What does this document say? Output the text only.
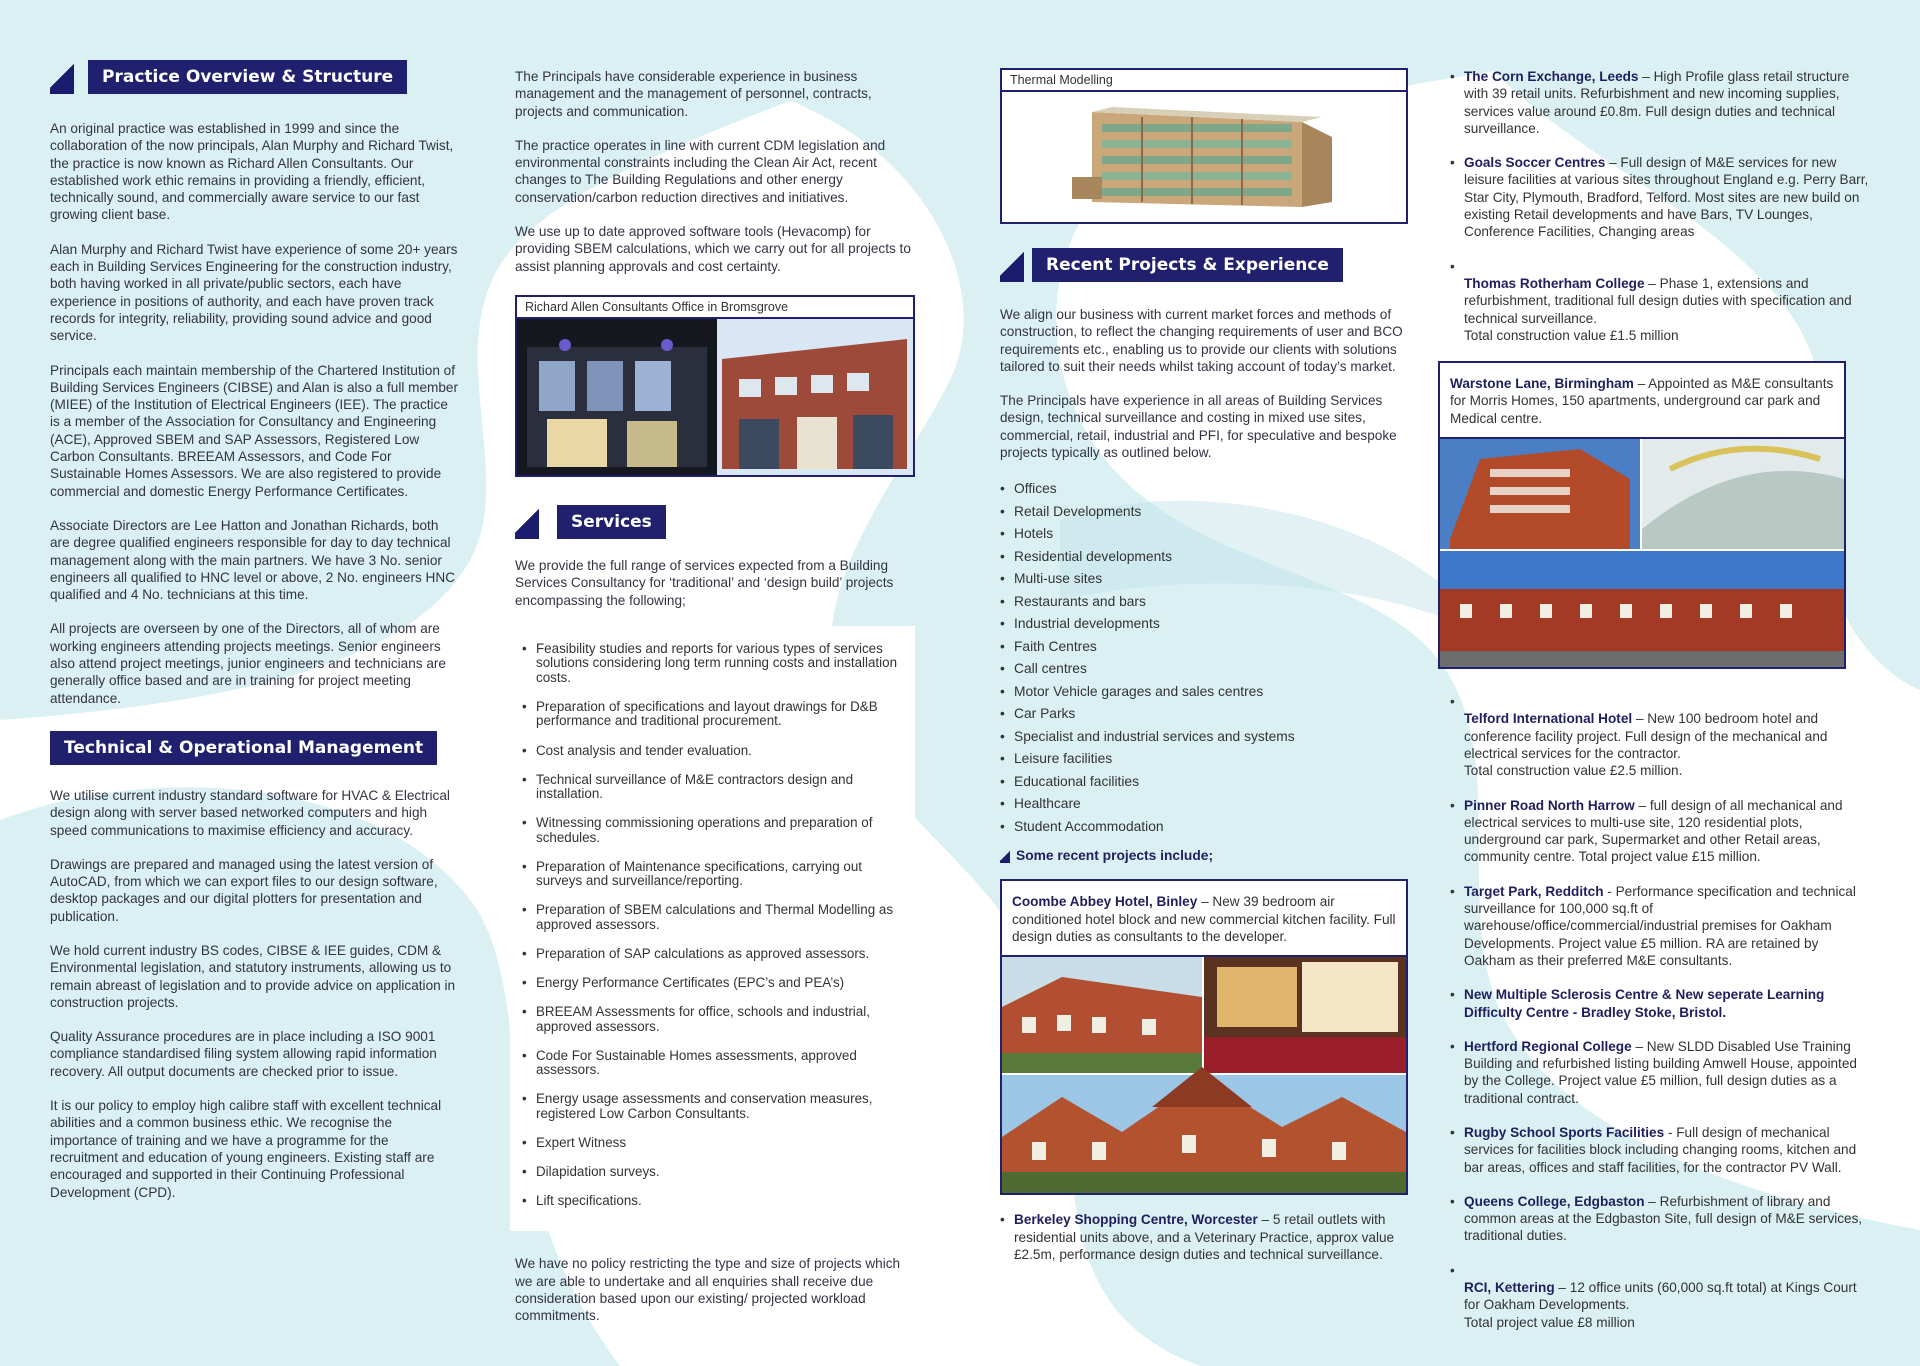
Practice Overview & Structure

An original practice was established in 1999 and since the collaboration of the now principals, Alan Murphy and Richard Twist, the practice is now known as Richard Allen Consultants. Our established work ethic remains in providing a friendly, efficient, technically sound, and commercially aware service to our fast growing client base.

Alan Murphy and Richard Twist have experience of some 20+ years each in Building Services Engineering for the construction industry, both having worked in all private/public sectors, each have experience in positions of authority, and each have proven track records for integrity, reliability, providing sound advice and good service.

Principals each maintain membership of the Chartered Institution of Building Services Engineers (CIBSE) and Alan is also a full member (MIEE) of the Institution of Electrical Engineers (IEE). The practice is a member of the Association for Consultancy and Engineering (ACE), Approved SBEM and SAP Assessors, Registered Low Carbon Consultants. BREEAM Assessors, and Code For Sustainable Homes Assessors. We are also registered to provide commercial and domestic Energy Performance Certificates.

Associate Directors are Lee Hatton and Jonathan Richards, both are degree qualified engineers responsible for day to day technical management along with the main partners. We have 3 No. senior engineers all qualified to HNC level or above, 2 No. engineers HNC qualified and 4 No. technicians at this time.

All projects are overseen by one of the Directors, all of whom are working engineers attending projects meetings. Senior engineers also attend project meetings, junior engineers and technicians are generally office based and are in training for project meeting attendance.

Technical & Operational Management

We utilise current industry standard software for HVAC & Electrical design along with server based networked computers and high speed communications to maximise efficiency and accuracy.

Drawings are prepared and managed using the latest version of AutoCAD, from which we can export files to our design software, desktop packages and our digital plotters for presentation and publication.

We hold current industry BS codes, CIBSE & IEE guides, CDM & Environmental legislation, and statutory instruments, allowing us to remain abreast of legislation and to provide advice on application in construction projects.

Quality Assurance procedures are in place including a ISO 9001 compliance standardised filing system allowing rapid information recovery. All output documents are checked prior to issue.

It is our policy to employ high calibre staff with excellent technical abilities and a common business ethic. We recognise the importance of training and we have a programme for the recruitment and education of young engineers. Existing staff are encouraged and supported in their Continuing Professional Development (CPD).

The Principals have considerable experience in business management and the management of personnel, contracts, projects and communication.

The practice operates in line with current CDM legislation and environmental constraints including the Clean Air Act, recent changes to The Building Regulations and other energy conservation/carbon reduction directives and initiatives.

We use up to date approved software tools (Hevacomp) for providing SBEM calculations, which we carry out for all projects to assist planning approvals and cost certainty.

Richard Allen Consultants Office in Bromsgrove
Services

We provide the full range of services expected from a Building Services Consultancy for ‘traditional’ and ‘design build’ projects encompassing the following;

• Feasibility studies and reports for various types of services solutions considering long term running costs and installation costs.
• Preparation of specifications and layout drawings for D&B performance and traditional procurement.
• Cost analysis and tender evaluation.
• Technical surveillance of M&E contractors design and installation.
• Witnessing commissioning operations and preparation of schedules.
• Preparation of Maintenance specifications, carrying out surveys and surveillance/reporting.
• Preparation of SBEM calculations and Thermal Modelling as approved assessors.
• Preparation of SAP calculations as approved assessors.
• Energy Performance Certificates (EPC’s and PEA’s)
• BREEAM Assessments for office, schools and industrial, approved assessors.
• Code For Sustainable Homes assessments, approved assessors.
• Energy usage assessments and conservation measures, registered Low Carbon Consultants.
• Expert Witness
• Dilapidation surveys.
• Lift specifications.

We have no policy restricting the type and size of projects which we are able to undertake and all enquiries shall receive due consideration based upon our existing/ projected workload commitments.

Thermal Modelling
Recent Projects & Experience

We align our business with current market forces and methods of construction, to reflect the changing requirements of user and BCO requirements etc., enabling us to provide our clients with solutions tailored to suit their needs whilst taking account of today’s market.

The Principals have experience in all areas of Building Services design, technical surveillance and costing in mixed use sites, commercial, retail, industrial and PFI, for speculative and bespoke projects typically as outlined below.

• Offices
• Retail Developments
• Hotels
• Residential developments
• Multi-use sites
• Restaurants and bars
• Industrial developments
• Faith Centres
• Call centres
• Motor Vehicle garages and sales centres
• Car Parks
• Specialist and industrial services and systems
• Leisure facilities
• Educational facilities
• Healthcare
• Student Accommodation
Some recent projects include;
Coombe Abbey Hotel, Binley – New 39 bedroom air conditioned hotel block and new commercial kitchen facility. Full design duties as consultants to the developer.
• Berkeley Shopping Centre, Worcester – 5 retail outlets with residential units above, and a Veterinary Practice, approx value £2.5m, performance design duties and technical surveillance.
• The Corn Exchange, Leeds – High Profile glass retail structure with 39 retail units. Refurbishment and new incoming supplies, services value around £0.8m. Full design duties and technical surveillance.
• Goals Soccer Centres – Full design of M&E services for new leisure facilities at various sites throughout England e.g. Perry Barr, Star City, Plymouth, Bradford, Telford. Most sites are new build on existing Retail developments and have Bars, TV Lounges, Conference Facilities, Changing areas

• Thomas Rotherham College – Phase 1, extensions and refurbishment, traditional full design duties with specification and technical surveillance.
Total construction value £1.5 million

Warstone Lane, Birmingham – Appointed as M&E consultants for Morris Homes, 150 apartments, underground car park and Medical centre.

• Telford International Hotel – New 100 bedroom hotel and conference facility project. Full design of the mechanical and electrical services for the contractor.
Total construction value £2.5 million.

• Pinner Road North Harrow – full design of all mechanical and electrical services to multi-use site, 120 residential plots, underground car park, Supermarket and other Retail areas, community centre. Total project value £15 million.
• Target Park, Redditch - Performance specification and technical surveillance for 100,000 sq.ft of warehouse/office/commercial/industrial premises for Oakham Developments. Project value £5 million. RA are retained by Oakham as their preferred M&E consultants.
• New Multiple Sclerosis Centre & New seperate Learning Difficulty Centre - Bradley Stoke, Bristol.
• Hertford Regional College – New SLDD Disabled Use Training Building and refurbished listing building Amwell House, appointed by the College. Project value £5 million, full design duties as a traditional contract.
• Rugby School Sports Facilities - Full design of mechanical services for facilities block including changing rooms, kitchen and bar areas, offices and staff facilities, for the contractor PV Wall.
• Queens College, Edgbaston – Refurbishment of library and common areas at the Edgbaston Site, full design of M&E services, traditional duties.

• RCI, Kettering – 12 office units (60,000 sq.ft total) at Kings Court for Oakham Developments.
Total project value £8 million
